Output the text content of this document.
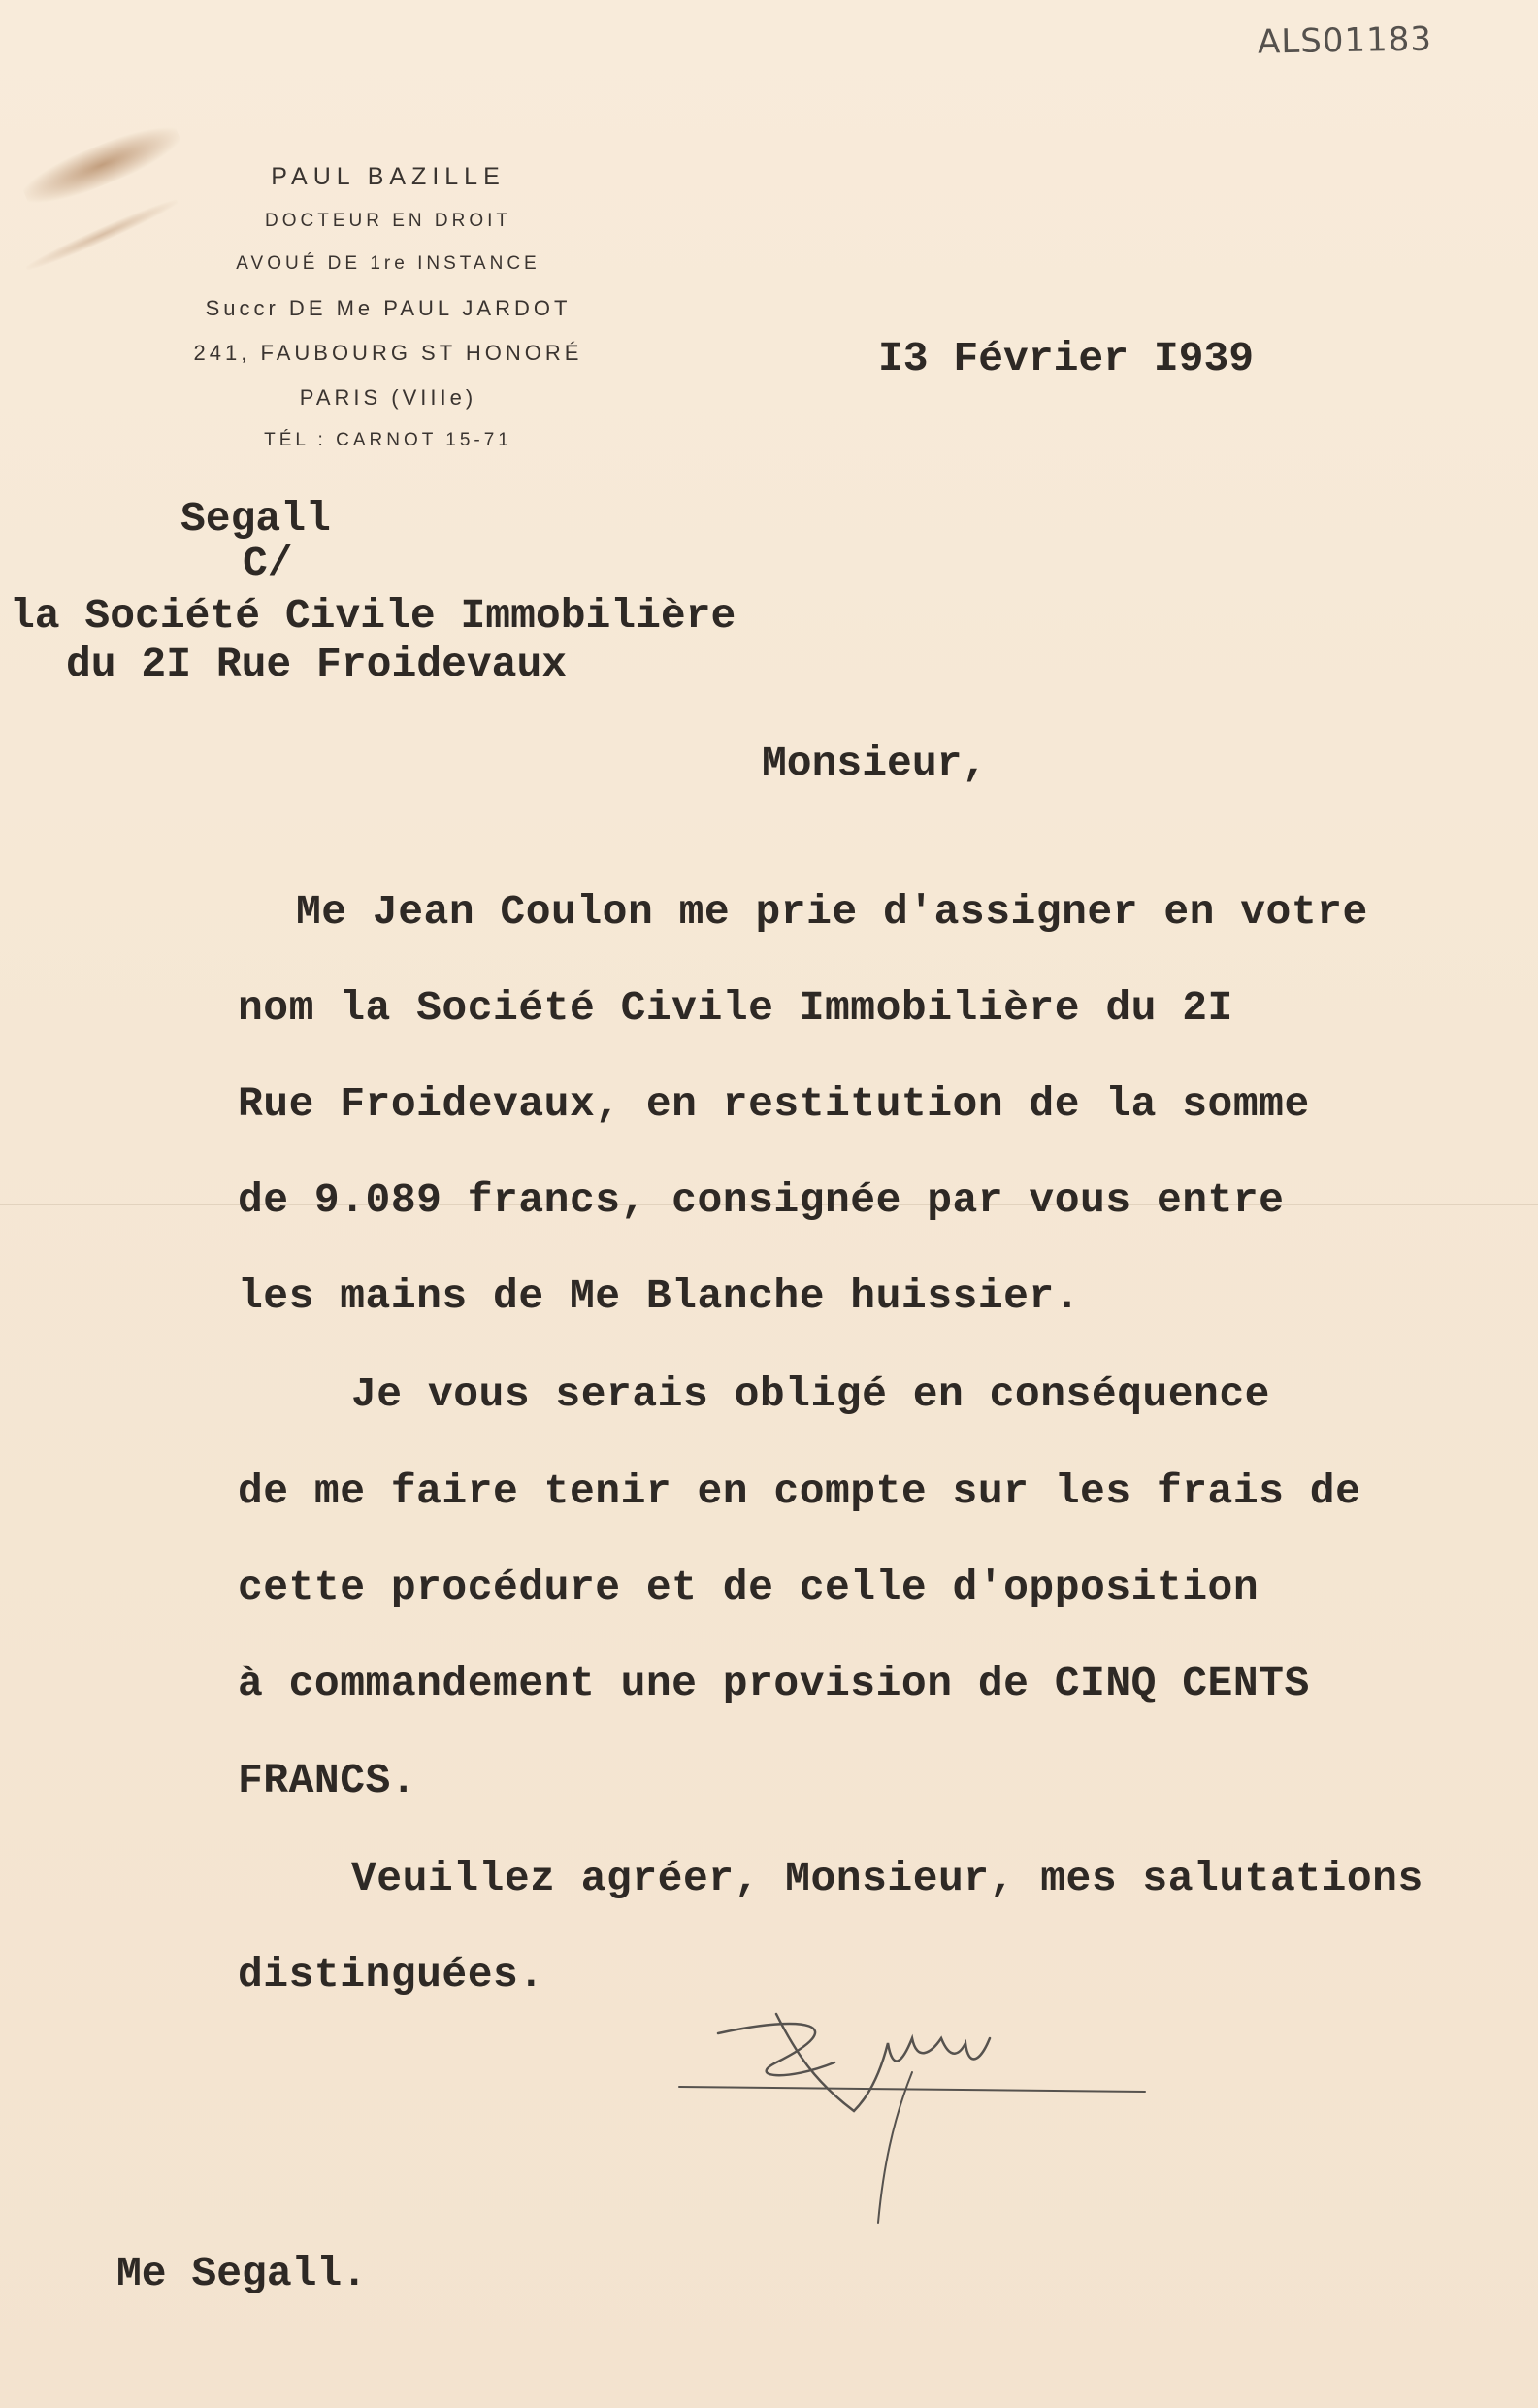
ALS01183
PAUL BAZILLE
DOCTEUR EN DROIT
AVOUÉ DE 1re INSTANCE
Succr DE Me PAUL JARDOT
241, FAUBOURG ST HONORÉ
PARIS (VIIIe)
TÉL : CARNOT 15-71
I3 Février I939
Segall
C/
la Société Civile Immobilière
du 2I Rue Froidevaux
Monsieur,
Me Jean Coulon me prie d'assigner en votre
nom la Société Civile Immobilière du 2I
Rue Froidevaux, en restitution de la somme
de 9.089 francs, consignée par vous entre
les mains de Me Blanche huissier.
Je vous serais obligé en conséquence
de me faire tenir en compte sur les frais de
cette procédure et de celle d'opposition
à commandement une provision de CINQ CENTS
FRANCS.
Veuillez agréer, Monsieur, mes salutations
distinguées.
Me Segall.
